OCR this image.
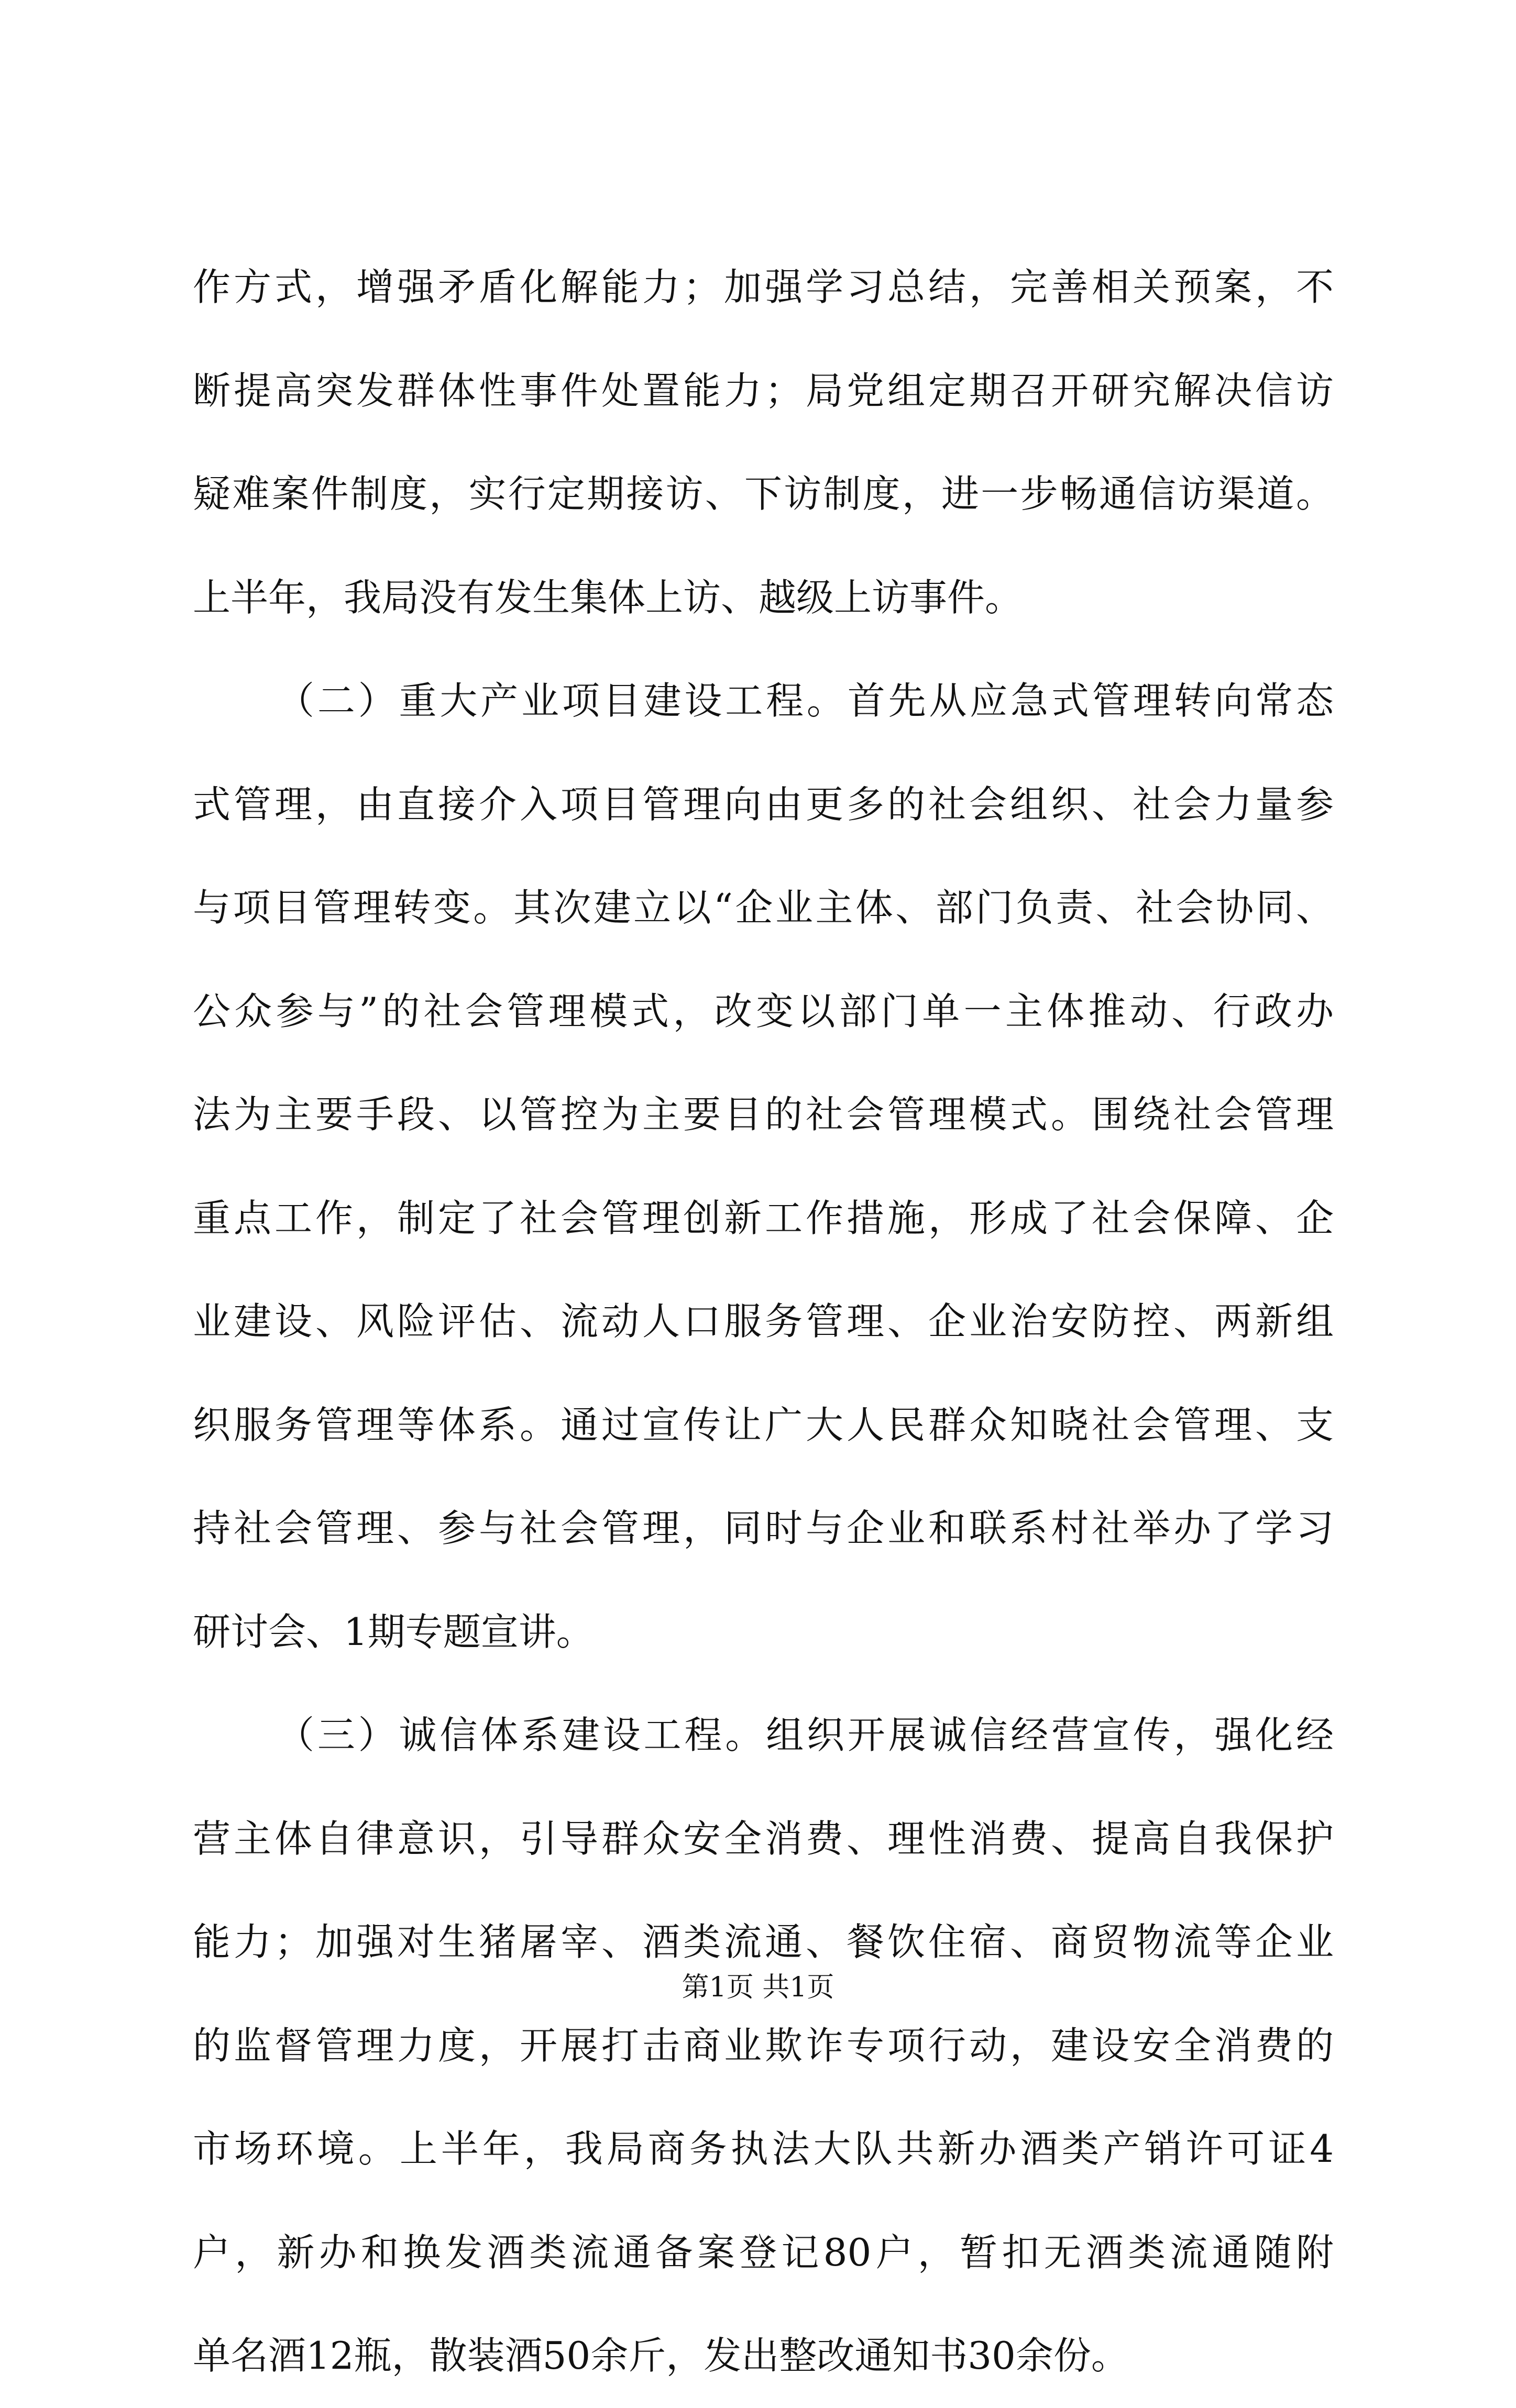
作方式，增强矛盾化解能力；加强学习总结，完善相关预案，不
断提高突发群体性事件处置能力；局党组定期召开研究解决信访
疑难案件制度，实行定期接访、下访制度，进一步畅通信访渠道。
上半年，我局没有发生集体上访、越级上访事件。
（二）重大产业项目建设工程。首先从应急式管理转向常态
式管理，由直接介入项目管理向由更多的社会组织、社会力量参
与项目管理转变。其次建立以“企业主体、部门负责、社会协同、
公众参与”的社会管理模式，改变以部门单一主体推动、行政办
法为主要手段、以管控为主要目的社会管理模式。围绕社会管理
重点工作，制定了社会管理创新工作措施，形成了社会保障、企
业建设、风险评估、流动人口服务管理、企业治安防控、两新组
织服务管理等体系。通过宣传让广大人民群众知晓社会管理、支
持社会管理、参与社会管理，同时与企业和联系村社举办了学习
研讨会、1期专题宣讲。
（三）诚信体系建设工程。组织开展诚信经营宣传，强化经
营主体自律意识，引导群众安全消费、理性消费、提高自我保护
能力；加强对生猪屠宰、酒类流通、餐饮住宿、商贸物流等企业
的监督管理力度，开展打击商业欺诈专项行动，建设安全消费的
市场环境。上半年，我局商务执法大队共新办酒类产销许可证4
户，新办和换发酒类流通备案登记80户，暂扣无酒类流通随附
单名酒12瓶，散装酒50余斤，发出整改通知书30余份。
第1页 共1页
